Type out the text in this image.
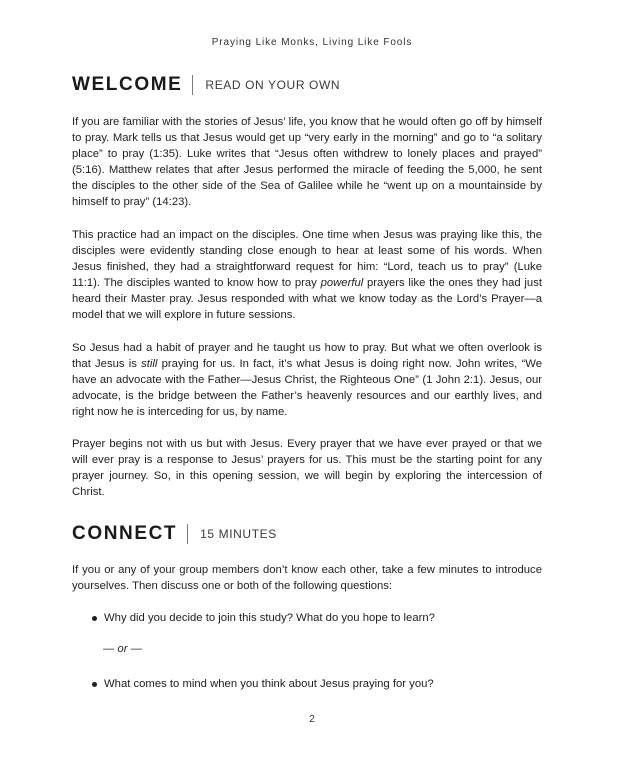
Praying Like Monks, Living Like Fools
WELCOME READ ON YOUR OWN

If you are familiar with the stories of Jesus’ life, you know that he would often go off by himself to pray. Mark tells us that Jesus would get up “very early in the morning” and go to “a solitary place” to pray (1:35). Luke writes that “Jesus often withdrew to lonely places and prayed” (5:16). Matthew relates that after Jesus performed the miracle of feeding the 5,000, he sent the disciples to the other side of the Sea of Galilee while he “went up on a mountainside by himself to pray” (14:23).

This practice had an impact on the disciples. One time when Jesus was praying like this, the disciples were evidently standing close enough to hear at least some of his words. When Jesus finished, they had a straightforward request for him: “Lord, teach us to pray” (Luke 11:1). The disciples wanted to know how to pray powerful prayers like the ones they had just heard their Master pray. Jesus responded with what we know today as the Lord’s Prayer—a model that we will explore in future sessions.

So Jesus had a habit of prayer and he taught us how to pray. But what we often overlook is that Jesus is still praying for us. In fact, it’s what Jesus is doing right now. John writes, “We have an advocate with the Father—Jesus Christ, the Righteous One” (1 John 2:1). Jesus, our advocate, is the bridge between the Father’s heavenly resources and our earthly lives, and right now he is interceding for us, by name.

Prayer begins not with us but with Jesus. Every prayer that we have ever prayed or that we will ever pray is a response to Jesus’ prayers for us. This must be the starting point for any prayer journey. So, in this opening session, we will begin by exploring the intercession of Christ.

CONNECT 15 MINUTES

If you or any of your group members don’t know each other, take a few minutes to introduce yourselves. Then discuss one or both of the following questions:

Why did you decide to join this study? What do you hope to learn?
— or —
What comes to mind when you think about Jesus praying for you?
2
